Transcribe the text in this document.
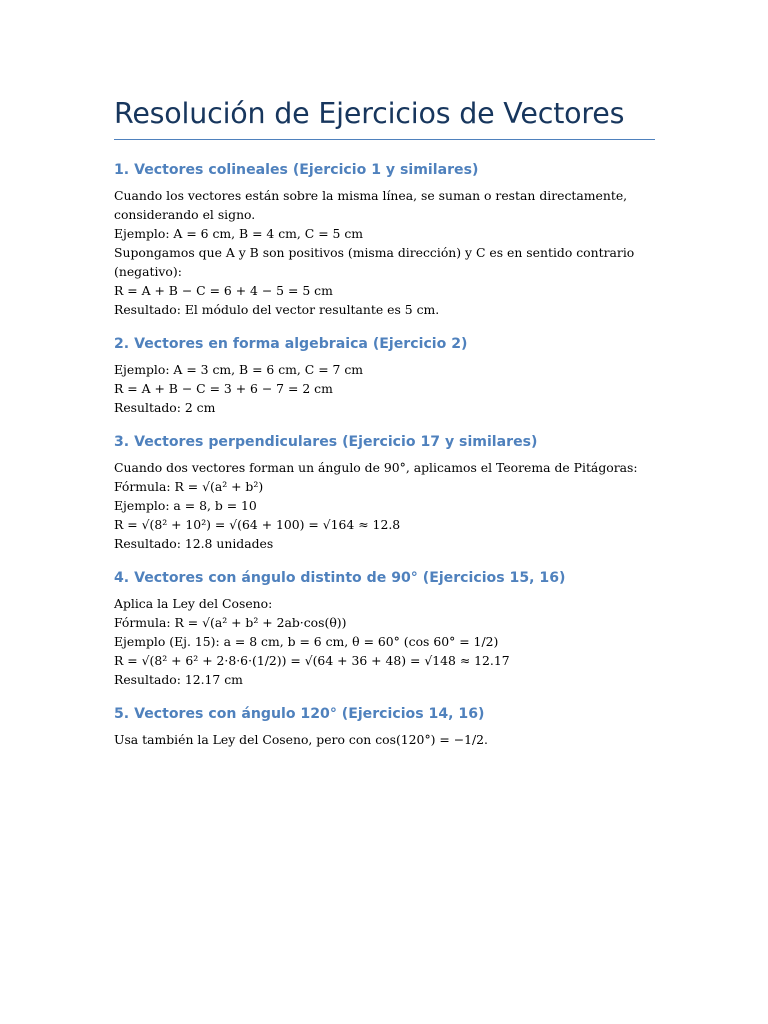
Resolución de Ejercicios de Vectores
1. Vectores colineales (Ejercicio 1 y similares)

Cuando los vectores están sobre la misma línea, se suman o restan directamente,

considerando el signo.

Ejemplo: A = 6 cm, B = 4 cm, C = 5 cm

Supongamos que A y B son positivos (misma dirección) y C es en sentido contrario

(negativo):

R = A + B − C = 6 + 4 − 5 = 5 cm

Resultado: El módulo del vector resultante es 5 cm.

2. Vectores en forma algebraica (Ejercicio 2)

Ejemplo: A = 3 cm, B = 6 cm, C = 7 cm

R = A + B − C = 3 + 6 − 7 = 2 cm

Resultado: 2 cm

3. Vectores perpendiculares (Ejercicio 17 y similares)

Cuando dos vectores forman un ángulo de 90°, aplicamos el Teorema de Pitágoras:

Fórmula: R = √(a² + b²)

Ejemplo: a = 8, b = 10

R = √(8² + 10²) = √(64 + 100) = √164 ≈ 12.8

Resultado: 12.8 unidades

4. Vectores con ángulo distinto de 90° (Ejercicios 15, 16)

Aplica la Ley del Coseno:

Fórmula: R = √(a² + b² + 2ab·cos(θ))

Ejemplo (Ej. 15): a = 8 cm, b = 6 cm, θ = 60° (cos 60° = 1/2)

R = √(8² + 6² + 2·8·6·(1/2)) = √(64 + 36 + 48) = √148 ≈ 12.17

Resultado: 12.17 cm

5. Vectores con ángulo 120° (Ejercicios 14, 16)

Usa también la Ley del Coseno, pero con cos(120°) = −1/2.
